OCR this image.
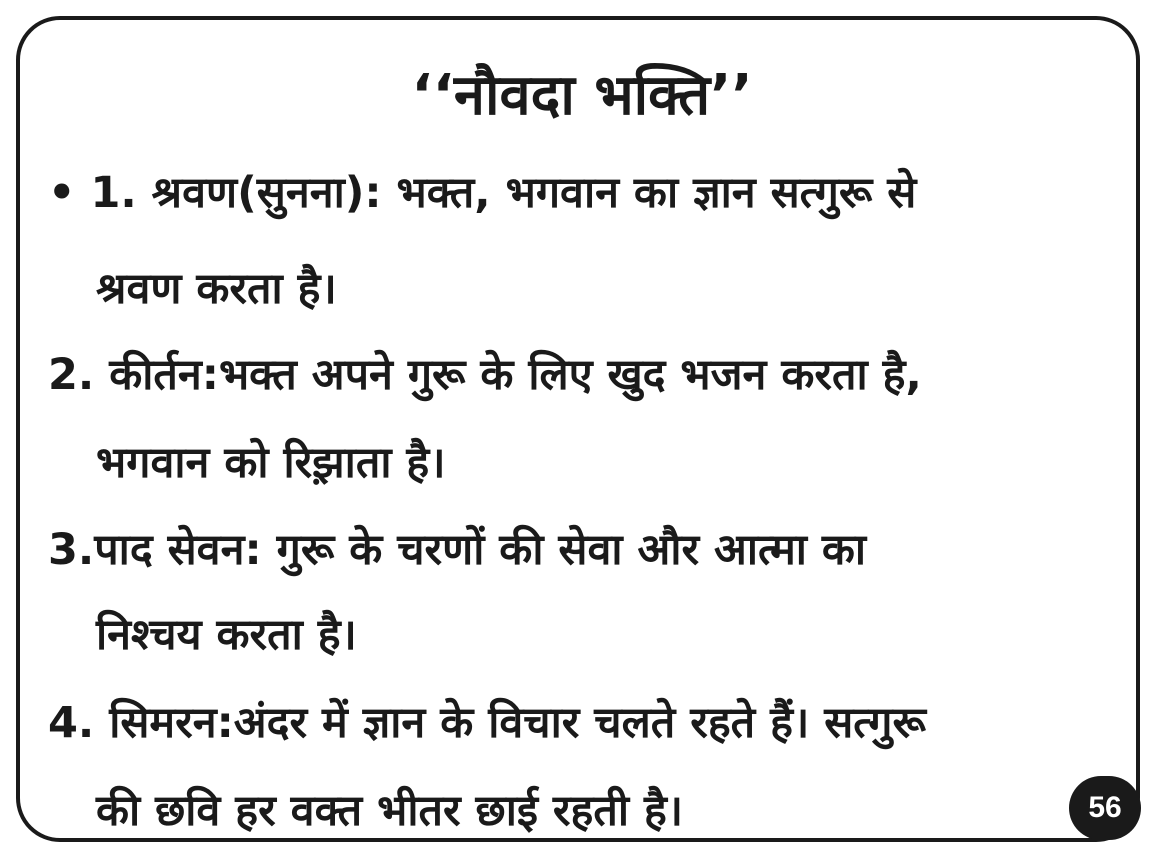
‘‘नौवदा भक्ति’’
• 1. श्रवण(सुनना): भक्त, भगवान का ज्ञान सत्गुरू से
श्रवण करता है।
2. कीर्तन:भक्त अपने गुरू के लिए खुद भजन करता है,
भगवान को रिझ़ाता है।
3.पाद सेवन: गुरू के चरणों की सेवा और आत्मा का
निश्चय करता है।
4. सिमरन:अंदर में ज्ञान के विचार चलते रहते हैं। सत्गुरू
की छवि हर वक्त भीतर छाई रहती है।	56
